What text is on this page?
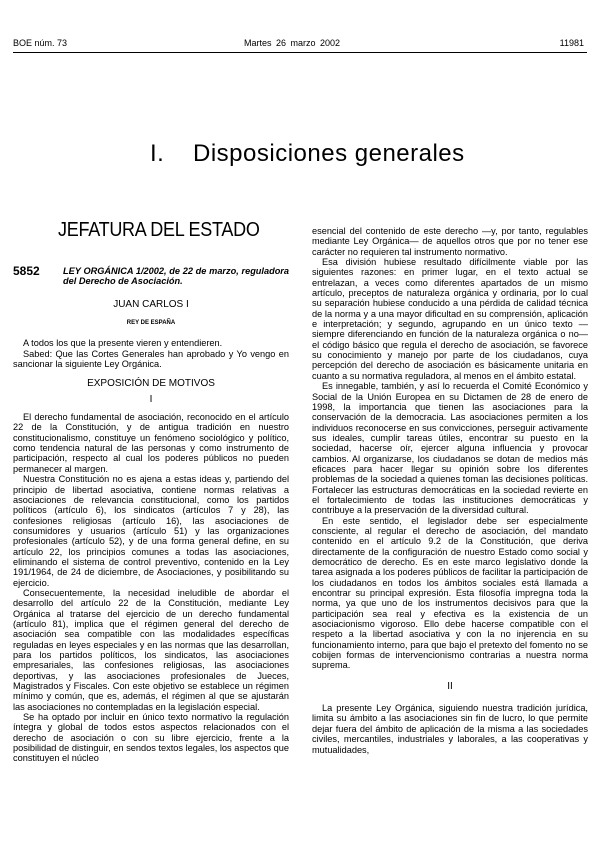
BOE núm. 73	Martes 26 marzo 2002	11981
I.    Disposiciones generales
JEFATURA DEL ESTADO
5852	LEY ORGÁNICA 1/2002, de 22 de marzo, reguladora del Derecho de Asociación.
JUAN CARLOS I
REY DE ESPAÑA

A todos los que la presente vieren y entendieren.

Sabed: Que las Cortes Generales han aprobado y Yo vengo en sancionar la siguiente Ley Orgánica.

EXPOSICIÓN DE MOTIVOS
I

El derecho fundamental de asociación, reconocido en el artículo 22 de la Constitución, y de antigua tradición en nuestro constitucionalismo, constituye un fenómeno sociológico y político, como tendencia natural de las personas y como instrumento de participación, respecto al cual los poderes públicos no pueden permanecer al margen.

Nuestra Constitución no es ajena a estas ideas y, partiendo del principio de libertad asociativa, contiene normas relativas a asociaciones de relevancia constitucional, como los partidos políticos (artículo 6), los sindicatos (artículos 7 y 28), las confesiones religiosas (artículo 16), las asociaciones de consumidores y usuarios (artículo 51) y las organizaciones profesionales (artículo 52), y de una forma general define, en su artículo 22, los principios comunes a todas las asociaciones, eliminando el sistema de control preventivo, contenido en la Ley 191/1964, de 24 de diciembre, de Asociaciones, y posibilitando su ejercicio.

Consecuentemente, la necesidad ineludible de abordar el desarrollo del artículo 22 de la Constitución, mediante Ley Orgánica al tratarse del ejercicio de un derecho fundamental (artículo 81), implica que el régimen general del derecho de asociación sea compatible con las modalidades específicas reguladas en leyes especiales y en las normas que las desarrollan, para los partidos políticos, los sindicatos, las asociaciones empresariales, las confesiones religiosas, las asociaciones deportivas, y las asociaciones profesionales de Jueces, Magistrados y Fiscales. Con este objetivo se establece un régimen mínimo y común, que es, además, el régimen al que se ajustarán las asociaciones no contempladas en la legislación especial.

Se ha optado por incluir en único texto normativo la regulación íntegra y global de todos estos aspectos relacionados con el derecho de asociación o con su libre ejercicio, frente a la posibilidad de distinguir, en sendos textos legales, los aspectos que constituyen el núcleo

esencial del contenido de este derecho —y, por tanto, regulables mediante Ley Orgánica— de aquellos otros que por no tener ese carácter no requieren tal instrumento normativo.

Esa división hubiese resultado difícilmente viable por las siguientes razones: en primer lugar, en el texto actual se entrelazan, a veces como diferentes apartados de un mismo artículo, preceptos de naturaleza orgánica y ordinaria, por lo cual su separación hubiese conducido a una pérdida de calidad técnica de la norma y a una mayor dificultad en su comprensión, aplicación e interpretación; y segundo, agrupando en un único texto —siempre diferenciando en función de la naturaleza orgánica o no— el código básico que regula el derecho de asociación, se favorece su conocimiento y manejo por parte de los ciudadanos, cuya percepción del derecho de asociación es básicamente unitaria en cuanto a su normativa reguladora, al menos en el ámbito estatal.

Es innegable, también, y así lo recuerda el Comité Económico y Social de la Unión Europea en su Dictamen de 28 de enero de 1998, la importancia que tienen las asociaciones para la conservación de la democracia. Las asociaciones permiten a los individuos reconocerse en sus convicciones, perseguir activamente sus ideales, cumplir tareas útiles, encontrar su puesto en la sociedad, hacerse oír, ejercer alguna influencia y provocar cambios. Al organizarse, los ciudadanos se dotan de medios más eficaces para hacer llegar su opinión sobre los diferentes problemas de la sociedad a quienes toman las decisiones políticas. Fortalecer las estructuras democráticas en la sociedad revierte en el fortalecimiento de todas las instituciones democráticas y contribuye a la preservación de la diversidad cultural.

En este sentido, el legislador debe ser especialmente consciente, al regular el derecho de asociación, del mandato contenido en el artículo 9.2 de la Constitución, que deriva directamente de la configuración de nuestro Estado como social y democrático de derecho. Es en este marco legislativo donde la tarea asignada a los poderes públicos de facilitar la participación de los ciudadanos en todos los ámbitos sociales está llamada a encontrar su principal expresión. Esta filosofía impregna toda la norma, ya que uno de los instrumentos decisivos para que la participación sea real y efectiva es la existencia de un asociacionismo vigoroso. Ello debe hacerse compatible con el respeto a la libertad asociativa y con la no injerencia en su funcionamiento interno, para que bajo el pretexto del fomento no se cobijen formas de intervencionismo contrarias a nuestra norma suprema.

II

La presente Ley Orgánica, siguiendo nuestra tradición jurídica, limita su ámbito a las asociaciones sin fin de lucro, lo que permite dejar fuera del ámbito de aplicación de la misma a las sociedades civiles, mercantiles, industriales y laborales, a las cooperativas y mutualidades,
